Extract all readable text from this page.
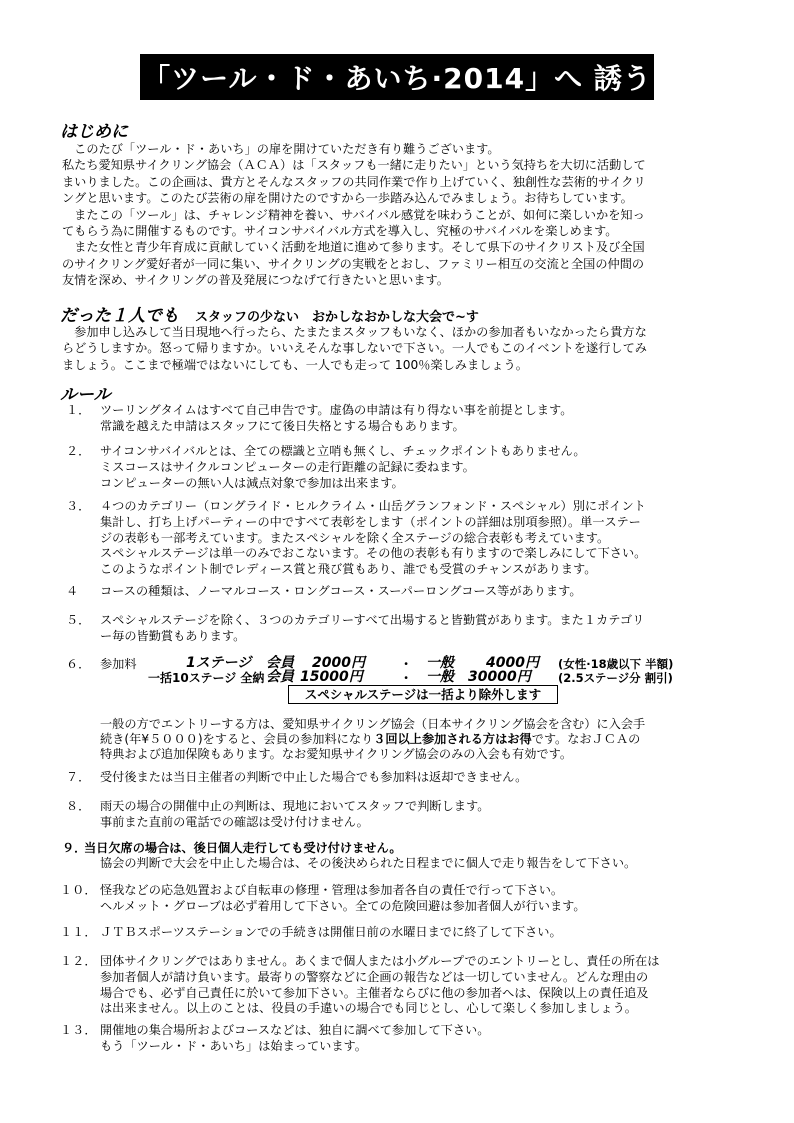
「ツール・ド・あいち·2014」へ 誘う
はじめに
　このたび「ツール・ド・あいち」の扉を開けていただき有り難うございます。
私たち愛知県サイクリング協会（ＡＣＡ）は「スタッフも一緒に走りたい」という気持ちを大切に活動して
まいりました。この企画は、貴方とそんなスタッフの共同作業で作り上げていく、独創性な芸術的サイクリ
ングと思います。このたび芸術の扉を開けたのですから一歩踏み込んでみましょう。お待ちしています。
　またこの「ツール」は、チャレンジ精神を養い、サバイバル感覚を味わうことが、如何に楽しいかを知っ
てもらう為に開催するものです。サイコンサバイバル方式を導入し、究極のサバイバルを楽しめます。
　また女性と青少年育成に貢献していく活動を地道に進めて参ります。そして県下のサイクリスト及び全国
のサイクリング愛好者が一同に集い、サイクリングの実戦をとおし、ファミリー相互の交流と全国の仲間の
友情を深め、サイクリングの普及発展につなげて行きたいと思います。
だった１人でも スタッフの少ない　おかしなおかしな大会で~す
　参加申し込みして当日現地へ行ったら、たまたまスタッフもいなく、ほかの参加者もいなかったら貴方な
らどうしますか。怒って帰りますか。いいえそんな事しないで下さい。一人でもこのイベントを遂行してみ
ましょう。ここまで極端ではないにしても、一人でも走って 100％楽しみましょう。
ルール
１． ツーリングタイムはすべて自己申告です。虚偽の申請は有り得ない事を前提とします。
常識を越えた申請はスタッフにて後日失格とする場合もあります。
２． サイコンサバイバルとは、全ての標識と立哨も無くし、チェックポイントもありません。
ミスコースはサイクルコンピューターの走行距離の記録に委ねます。
コンピューターの無い人は減点対象で参加は出来ます。
３． ４つのカテゴリー（ロングライド・ヒルクライム・山岳グランフォンド・スペシャル）別にポイント
集計し、打ち上げパーティーの中ですべて表彰をします（ポイントの詳細は別項参照）。単一ステー
ジの表彰も一部考えています。またスペシャルを除く全ステージの総合表彰も考えています。
スペシャルステージは単一のみでおこないます。その他の表彰も有りますので楽しみにして下さい。
このようなポイント制でレディース賞と飛び賞もあり、誰でも受賞のチャンスがあります。
４ コースの種類は、ノーマルコース・ロングコース・スーパーロングコース等があります。
５． スペシャルステージを除く、３つのカテゴリーすべて出場すると皆勤賞があります。また１カテゴリ
ー毎の皆勤賞もあります。
６． 参加料	1ステージ 会員 2000円	・ 一般 4000円 (女性·18歳以下 半額)
一括10ステージ 全納 会員 15000円	・ 一般 30000円 (2.5ステージ分 割引)
スペシャルステージは一括より除外します
一般の方でエントリーする方は、愛知県サイクリング協会（日本サイクリング協会を含む）に入会手
続き(年¥５０００)をすると、会員の参加料になり３回以上参加される方はお得です。なおＪＣＡの
特典および追加保険もあります。なお愛知県サイクリング協会のみの入会も有効です。
７． 受付後または当日主催者の判断で中止した場合でも参加料は返却できません。
８． 雨天の場合の開催中止の判断は、現地においてスタッフで判断します。
事前また直前の電話での確認は受け付けません。
９．
当日欠席の場合は、後日個人走行しても受け付けません。
協会の判断で大会を中止した場合は、その後決められた日程までに個人で走り報告をして下さい。
１０． 怪我などの応急処置および自転車の修理・管理は参加者各自の責任で行って下さい。
ヘルメット・グローブは必ず着用して下さい。全ての危険回避は参加者個人が行います。
１１． ＪＴＢスポーツステーションでの手続きは開催日前の水曜日までに終了して下さい。
１２． 団体サイクリングではありません。あくまで個人または小グループでのエントリーとし、責任の所在は
参加者個人が請け負います。最寄りの警察などに企画の報告などは一切していません。どんな理由の
場合でも、必ず自己責任に於いて参加下さい。主催者ならびに他の参加者へは、保険以上の責任追及
は出来ません。以上のことは、役員の手違いの場合でも同じとし、心して楽しく参加しましょう。
１３． 開催地の集合場所およびコースなどは、独自に調べて参加して下さい。
もう「ツール・ド・あいち」は始まっています。
